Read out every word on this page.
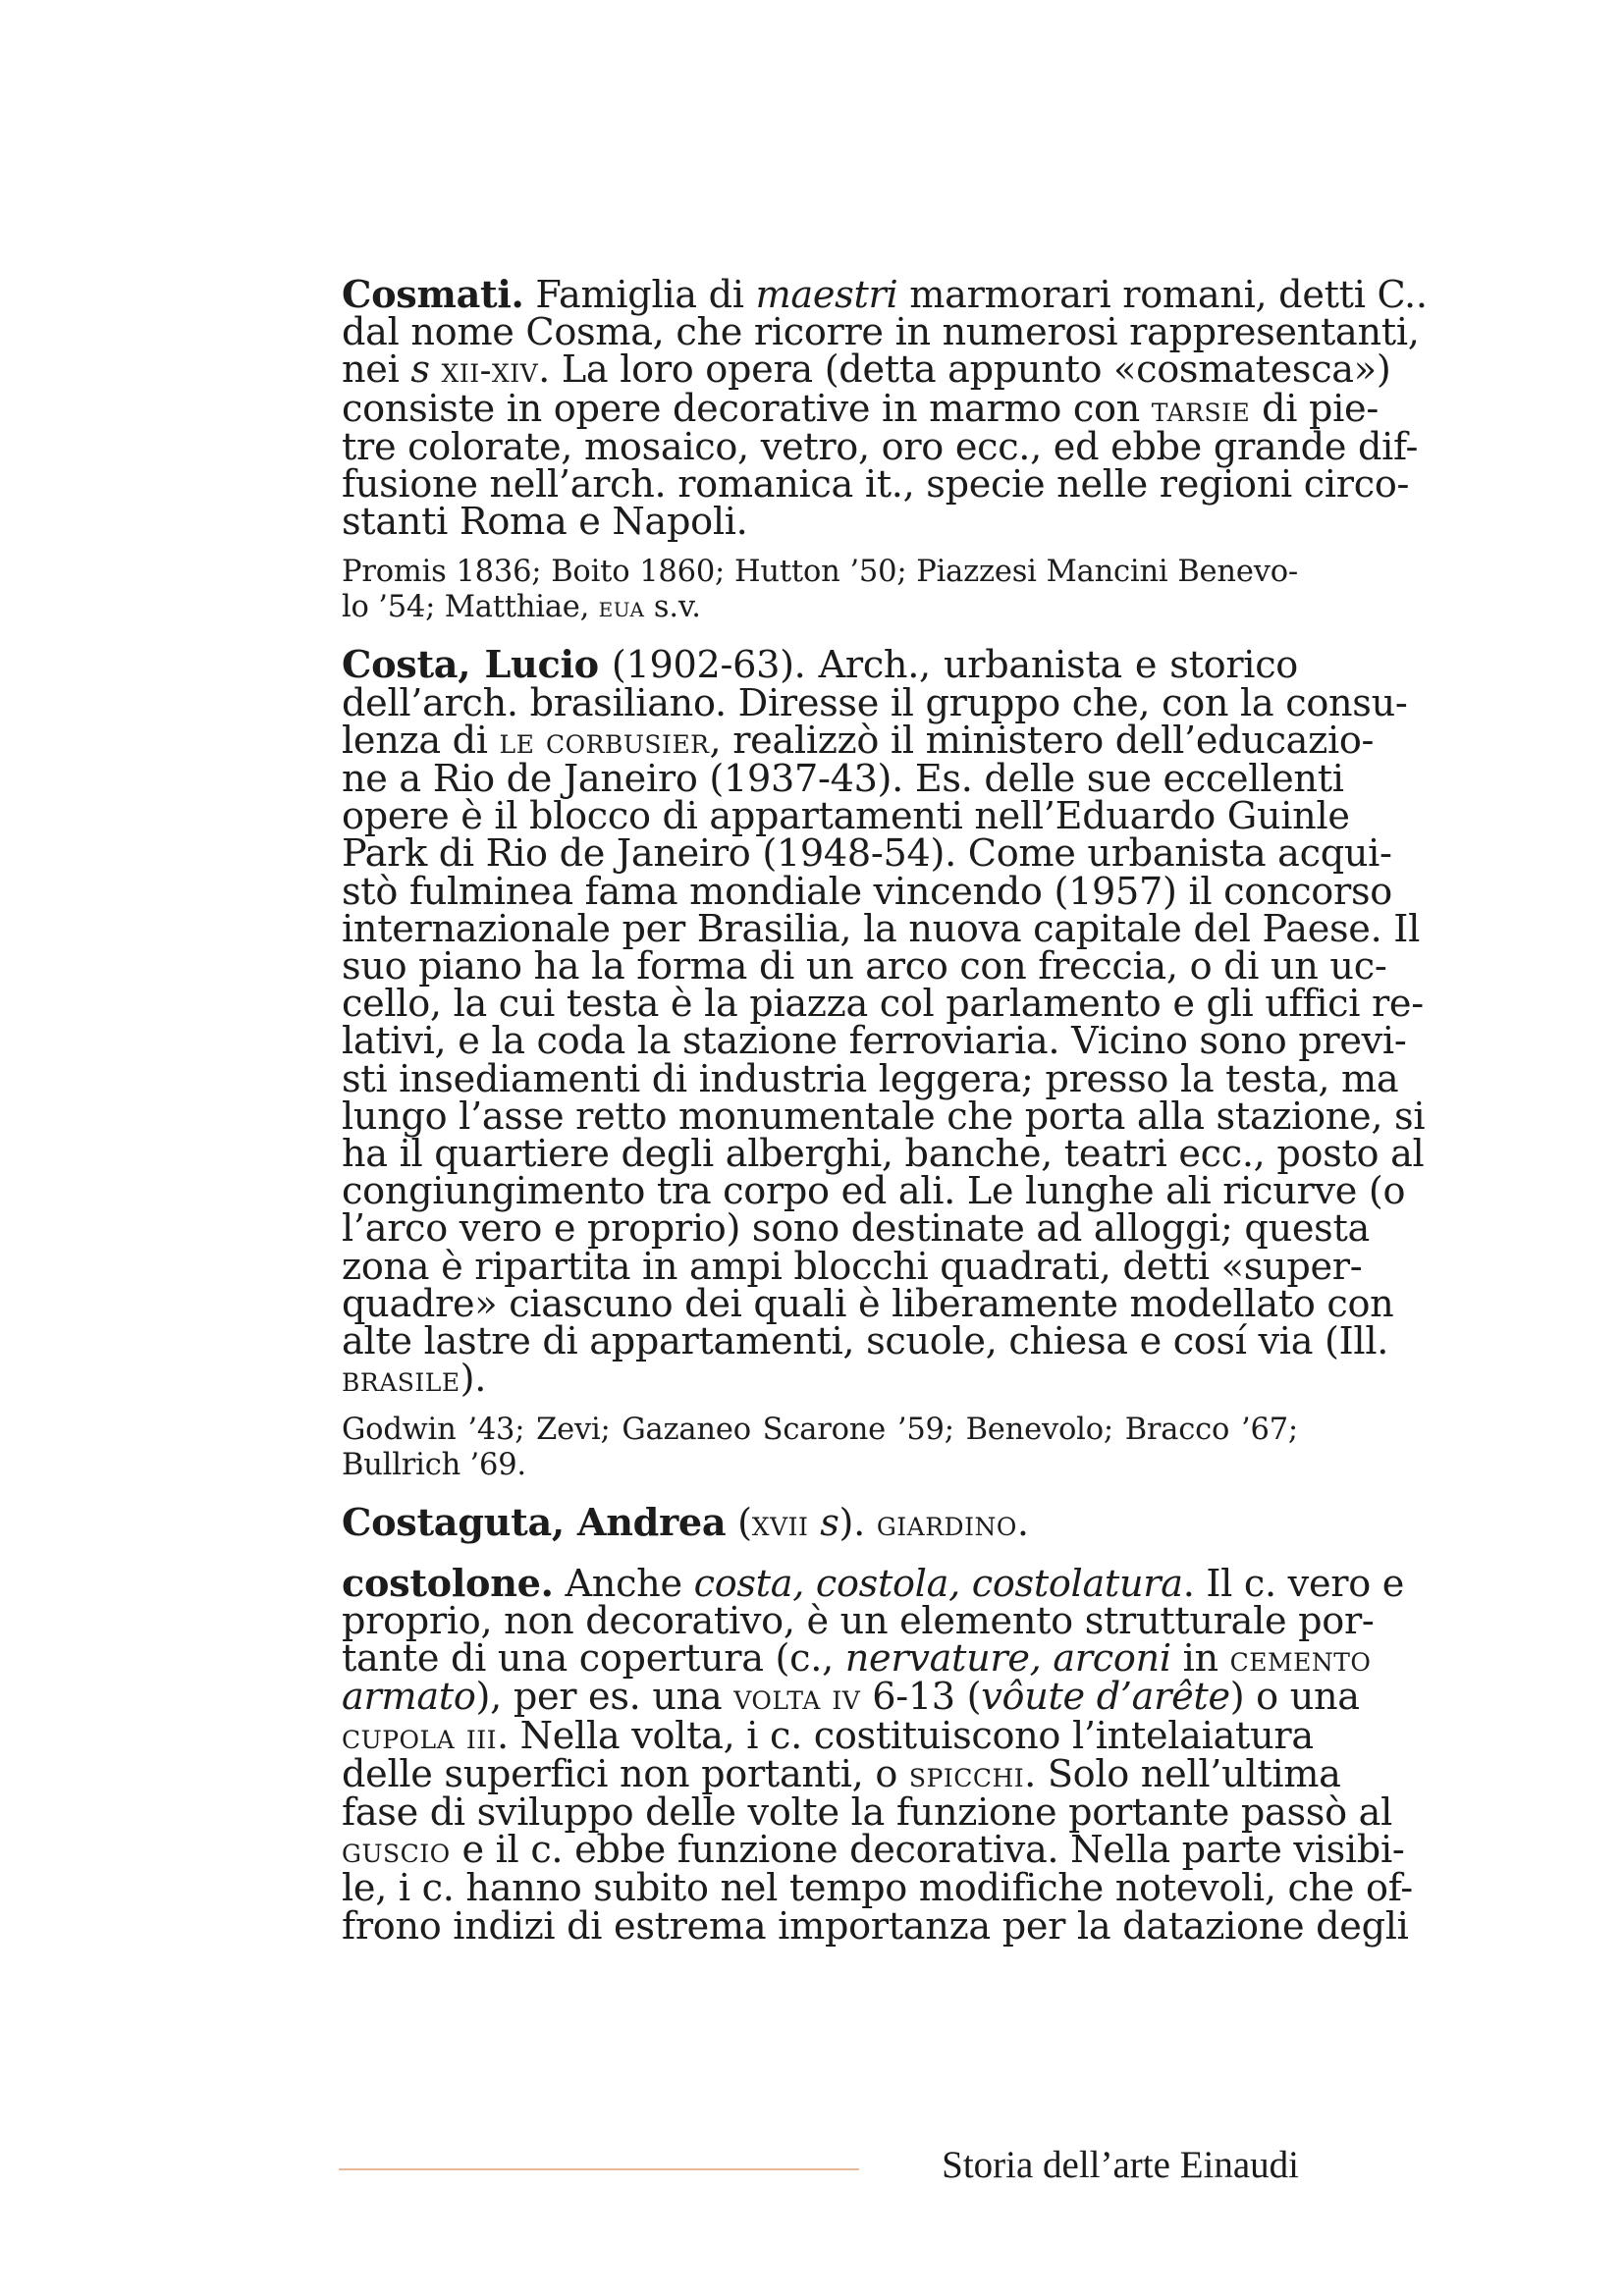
Cosmati. Famiglia di maestri marmorari romani, detti C..
dal nome Cosma, che ricorre in numerosi rappresentanti,
nei s xii-xiv. La loro opera (detta appunto «cosmatesca»)
consiste in opere decorative in marmo con tarsie di pie-
tre colorate, mosaico, vetro, oro ecc., ed ebbe grande dif-
fusione nell’arch. romanica it., specie nelle regioni circo-
stanti Roma e Napoli.
Promis 1836; Boito 1860; Hutton ’50; Piazzesi Mancini Benevo-
lo ’54; Matthiae, eua s.v.
Costa, Lucio (1902-63). Arch., urbanista e storico
dell’arch. brasiliano. Diresse il gruppo che, con la consu-
lenza di le corbusier, realizzò il ministero dell’educazio-
ne a Rio de Janeiro (1937-43). Es. delle sue eccellenti
opere è il blocco di appartamenti nell’Eduardo Guinle
Park di Rio de Janeiro (1948-54). Come urbanista acqui-
stò fulminea fama mondiale vincendo (1957) il concorso
internazionale per Brasilia, la nuova capitale del Paese. Il
suo piano ha la forma di un arco con freccia, o di un uc-
cello, la cui testa è la piazza col parlamento e gli uffici re-
lativi, e la coda la stazione ferroviaria. Vicino sono previ-
sti insediamenti di industria leggera; presso la testa, ma
lungo l’asse retto monumentale che porta alla stazione, si
ha il quartiere degli alberghi, banche, teatri ecc., posto al
congiungimento tra corpo ed ali. Le lunghe ali ricurve (o
l’arco vero e proprio) sono destinate ad alloggi; questa
zona è ripartita in ampi blocchi quadrati, detti «super-
quadre» ciascuno dei quali è liberamente modellato con
alte lastre di appartamenti, scuole, chiesa e cosí via (Ill.
brasile).
Godwin ’43; Zevi; Gazaneo Scarone ’59; Benevolo; Bracco ’67;
Bullrich ’69.
Costaguta, Andrea (xvii s). giardino.
costolone. Anche costa, costola, costolatura. Il c. vero e
proprio, non decorativo, è un elemento strutturale por-
tante di una copertura (c., nervature, arconi in cemento
armato), per es. una volta iv 6-13 (vôute d’arête) o una
cupola iii. Nella volta, i c. costituiscono l’intelaiatura
delle superfici non portanti, o spicchi. Solo nell’ultima
fase di sviluppo delle volte la funzione portante passò al
guscio e il c. ebbe funzione decorativa. Nella parte visibi-
le, i c. hanno subito nel tempo modifiche notevoli, che of-
frono indizi di estrema importanza per la datazione degli
Storia dell’arte Einaudi
